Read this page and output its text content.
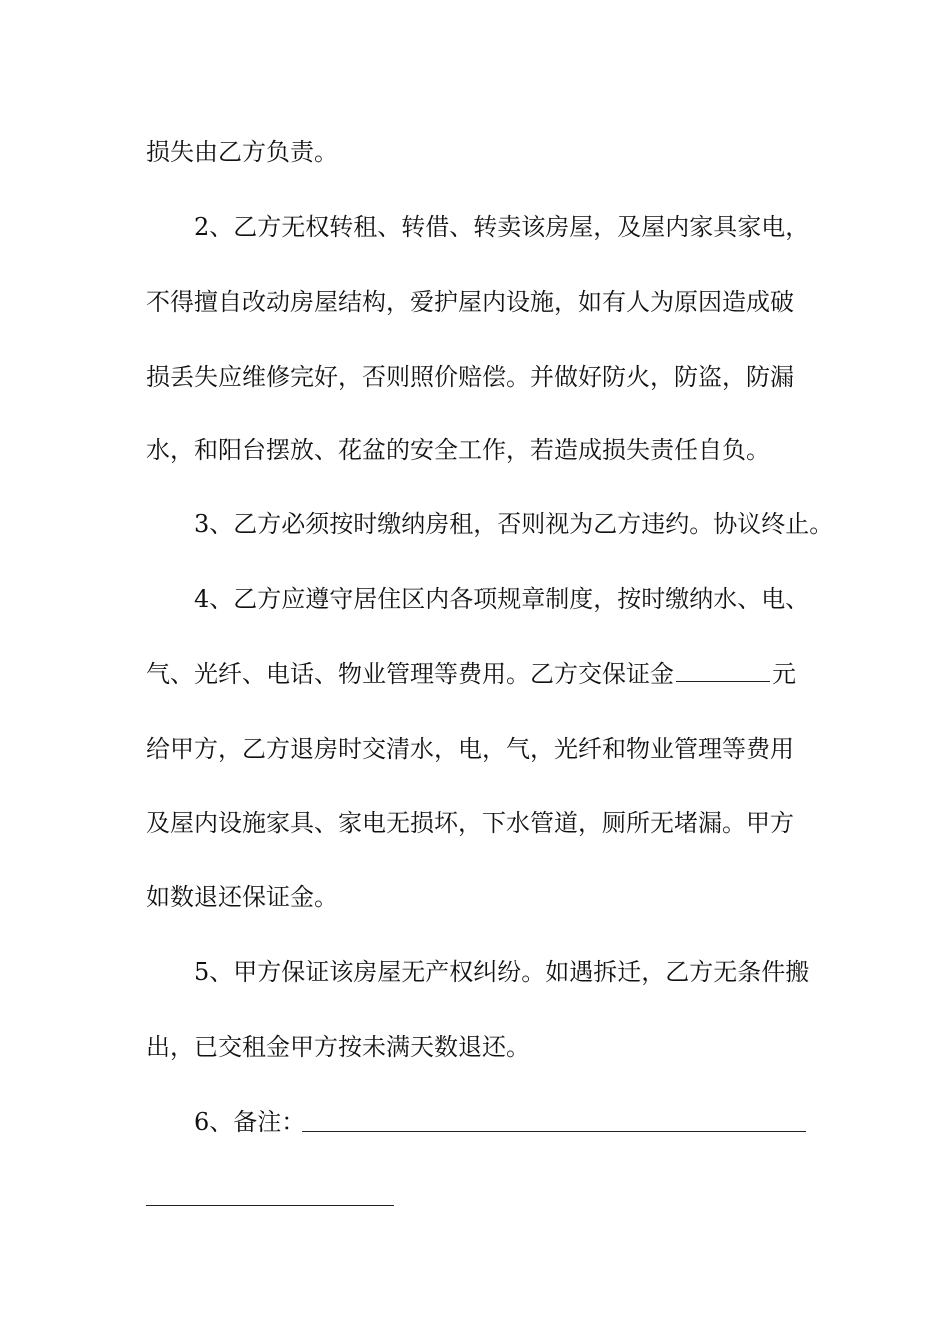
损失由乙方负责。
2、乙方无权转租、转借、转卖该房屋，及屋内家具家电，
不得擅自改动房屋结构，爱护屋内设施，如有人为原因造成破
损丢失应维修完好，否则照价赔偿。并做好防火，防盗，防漏
水，和阳台摆放、花盆的安全工作，若造成损失责任自负。
3、乙方必须按时缴纳房租，否则视为乙方违约。协议终止。
4、乙方应遵守居住区内各项规章制度，按时缴纳水、电、
气、光纤、电话、物业管理等费用。乙方交保证金	元
给甲方，乙方退房时交清水，电，气，光纤和物业管理等费用
及屋内设施家具、家电无损坏，下水管道，厕所无堵漏。甲方
如数退还保证金。
5、甲方保证该房屋无产权纠纷。如遇拆迁，乙方无条件搬
出，已交租金甲方按未满天数退还。
6、备注：
